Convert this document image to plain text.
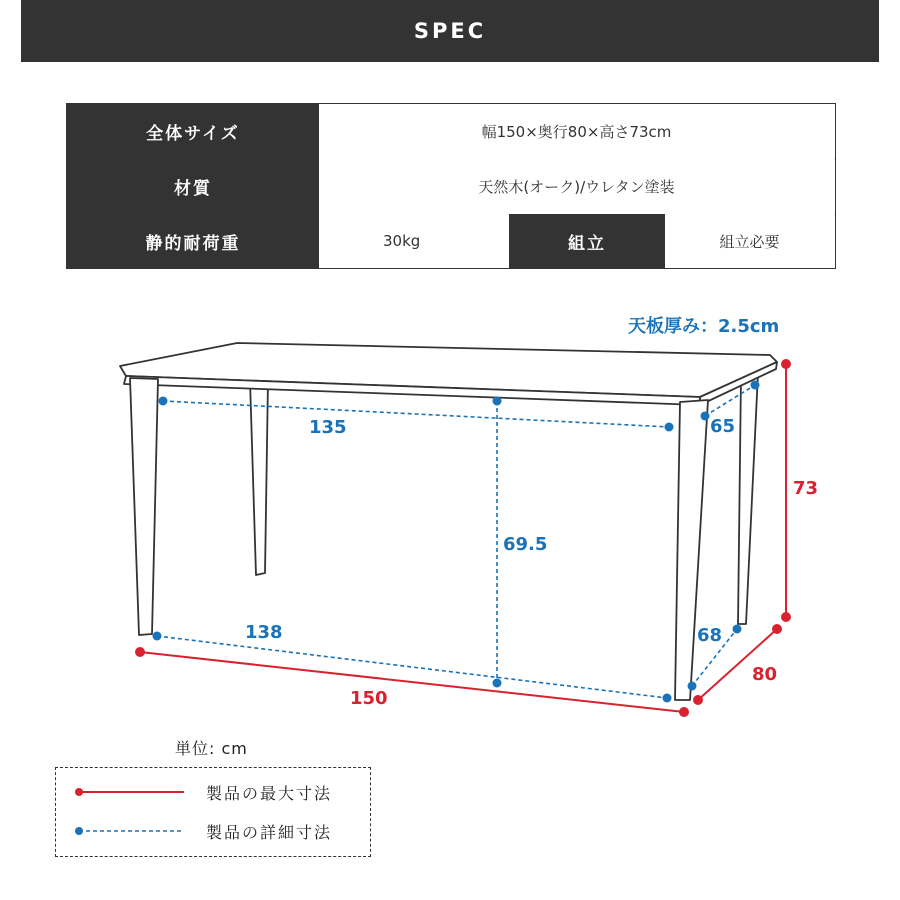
SPEC
全体サイズ	幅150×奥行80×高さ73cm
材質	天然木(オーク)/ウレタン塗装
静的耐荷重	30kg	組立	組立必要
天板厚み：2.5cm
135	65
73
69.5
138	68
80
150
単位: cm
製品の最大寸法
製品の詳細寸法
